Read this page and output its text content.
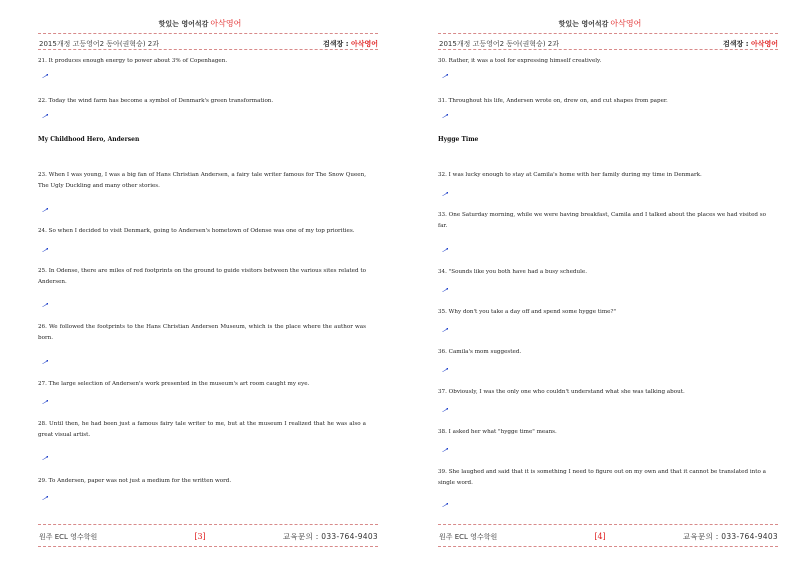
핫있는 영어석감 아삭영어
2015개정 고등영어2 동아(권혁승) 2과	검색장 : 아삭영어
21. It produces enough energy to power about 3% of Copenhagen.
22. Today the wind farm has become a symbol of Denmark's green transformation.
My Childhood Hero, Andersen
23. When I was young, I was a big fan of Hans Christian Andersen, a fairy tale writer famous for The Snow Queen, The Ugly Duckling and many other stories.
24. So when I decided to visit Denmark, going to Andersen's hometown of Odense was one of my top priorities.
25. In Odense, there are miles of red footprints on the ground to guide visitors between the various sites related to Andersen.
26. We followed the footprints to the Hans Christian Andersen Museum, which is the place where the author was born.
27. The large selection of Andersen's work presented in the museum's art room caught my eye.
28. Until then, he had been just a famous fairy tale writer to me, but at the museum I realized that he was also a great visual artist.
29. To Andersen, paper was not just a medium for the written word.
원주 ECL 영수학원	[3]	교육문의 : 033-764-9403
핫있는 영어석감 아삭영어
2015개정 고등영어2 동아(권혁승) 2과	검색장 : 아삭영어
30. Rather, it was a tool for expressing himself creatively.
31. Throughout his life, Andersen wrote on, drew on, and cut shapes from paper.
Hygge Time
32. I was lucky enough to stay at Camila's home with her family during my time in Denmark.
33. One Saturday morning, while we were having breakfast, Camila and I talked about the places we had visited so far.
34. "Sounds like you both have had a busy schedule.
35. Why don't you take a day off and spend some hygge time?"
36. Camila's mom suggested.
37. Obviously, I was the only one who couldn't understand what she was talking about.
38. I asked her what "hygge time" means.
39. She laughed and said that it is something I need to figure out on my own and that it cannot be translated into a single word.
원주 ECL 영수학원	[4]	교육문의 : 033-764-9403
